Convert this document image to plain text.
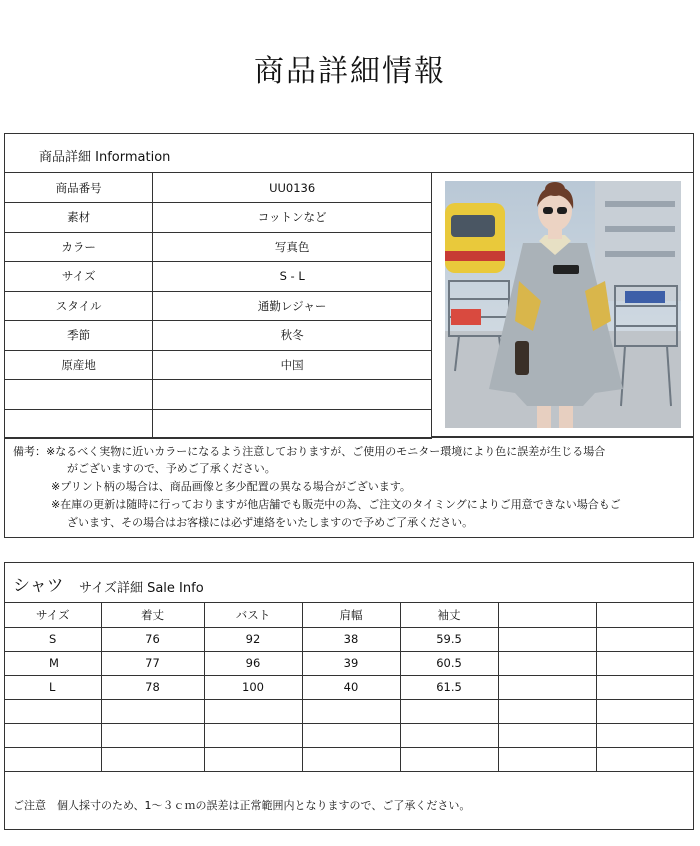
商品詳細情報
商品詳細 Information
商品番号	UU0136
素材	コットンなど
カラー	写真色
サイズ	S - L
スタイル	通勤レジャー
季節	秋冬
原産地	中国

備考：※なるべく実物に近いカラーになるよう注意しておりますが、ご使用のモニター環境により色に誤差が生じる場合
がございますので、予めご了承ください。
※プリント柄の場合は、商品画像と多少配置の異なる場合がございます。
※在庫の更新は随時に行っておりますが他店舗でも販売中の為、ご注文のタイミングによりご用意できない場合もご
ざいます、その場合はお客様には必ず連絡をいたしますので予めご了承ください。
シャツ サイズ詳細 Sale Info
サイズ	着丈	バスト	肩幅	袖丈		
S	76	92	38	59.5		
M	77	96	39	60.5		
L	78	100	40	61.5		

ご注意　個人採寸のため、1〜３ｃｍの誤差は正常範囲内となりますので、ご了承ください。
